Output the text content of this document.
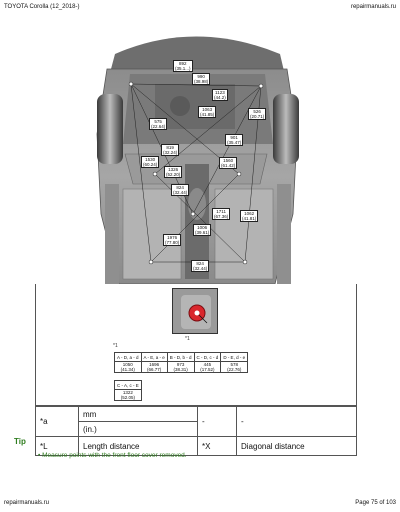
TOYOTA Corolla (12_2018-)	repairmanuals.ru
892
(35.1...)
990
(38.98)
1123
(44.2)
1063
(41.85)
526
(20.71)
575
(22.64)
901
(35.47)
819
(32.24)
1530
(60.24)
1326
(52.20)
1560
(61.42)
824
(32.44)
1711
(67.36)
1062
(41.81)
1976
(77.80)
1006
(39.61)
824
(32.44)
*1
*1
A - D, a - d	A - E, a - e	B - D, b - d	C - D, c - d	D - E, d - e
1050
(41.34)	1696
(66.77)	973
(38.31)	445
(17.52)	578
(22.76)
C - A, c - E
1322
(52.05)
*a	mm	-	-
	(in.)		
*L	Length distance	*X	Diagonal distance
Tip
• Measure points with the front floor cover removed.
repairmanuals.ru	Page 75 of 103
